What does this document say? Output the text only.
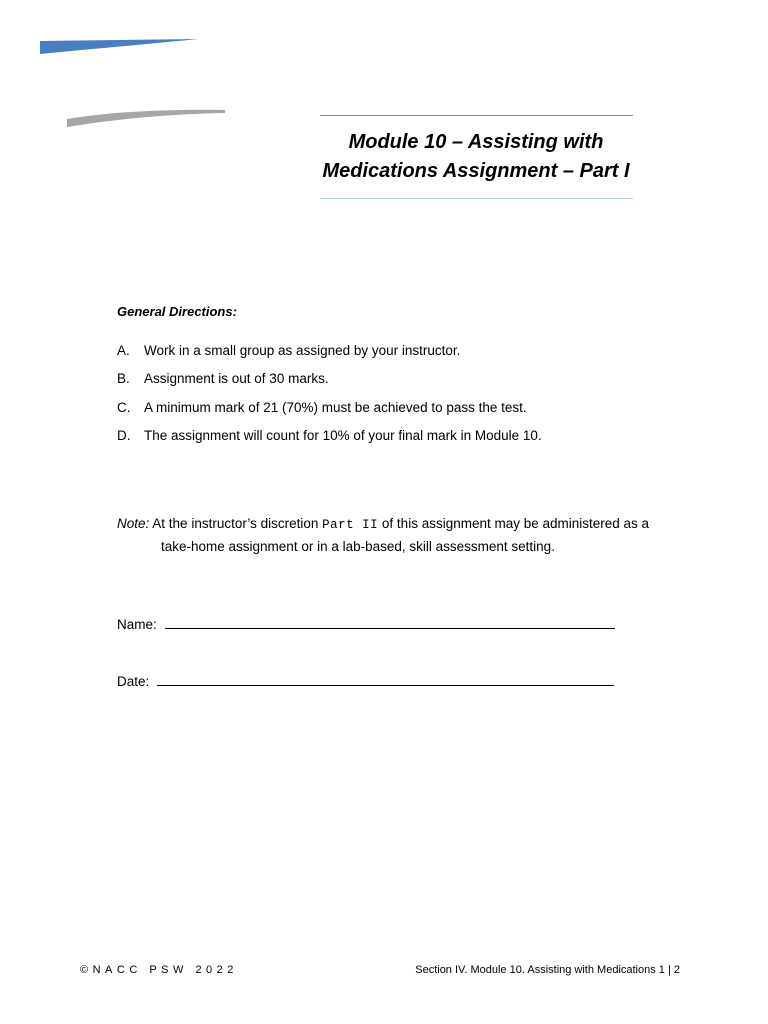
Module 10 – Assisting with
Medications Assignment – Part I
General Directions:
A.	Work in a small group as assigned by your instructor.
B.	Assignment is out of 30 marks.
C.	A minimum mark of 21 (70%) must be achieved to pass the test.
D.	The assignment will count for 10% of your final mark in Module 10.
Note: At the instructor’s discretion Part II of this assignment may be administered as a
take-home assignment or in a lab-based, skill assessment setting.
Name:
Date:
©NACC PSW 2022	Section IV. Module 10. Assisting with Medications 1 | 2
